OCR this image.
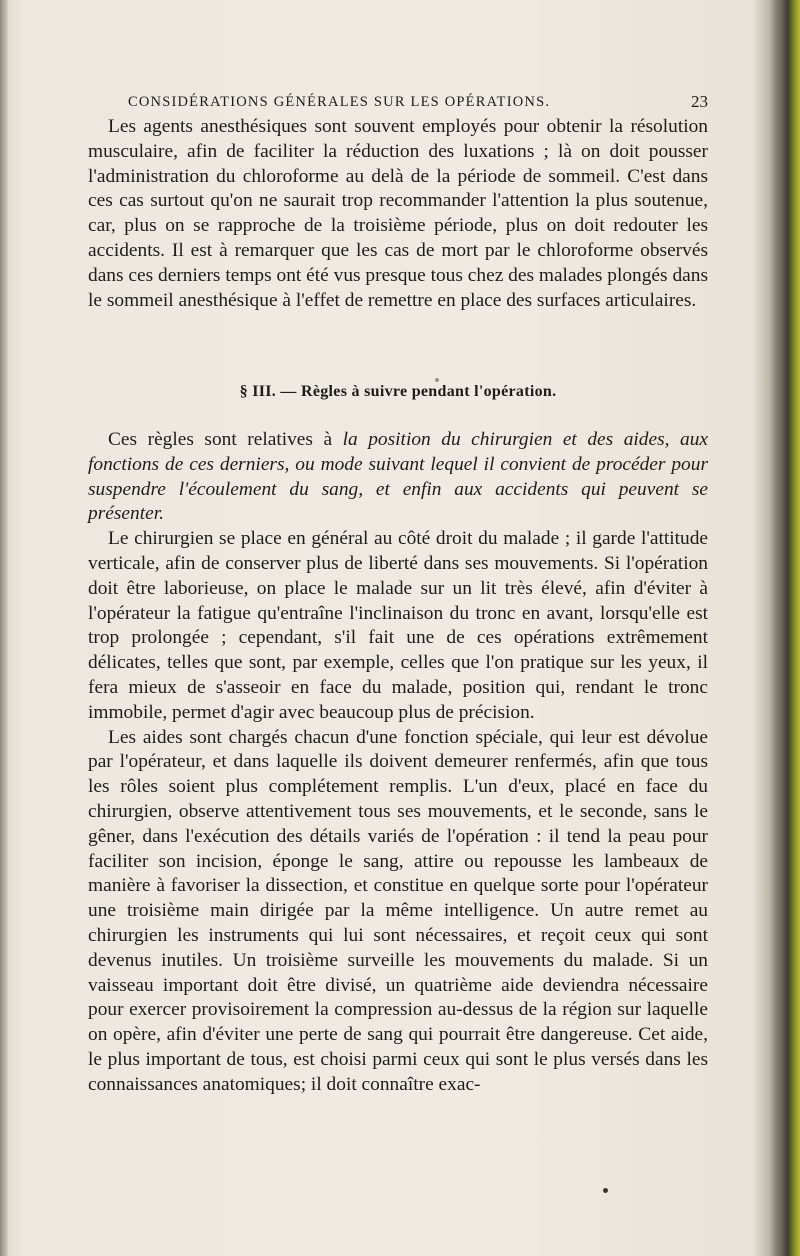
CONSIDÉRATIONS GÉNÉRALES SUR LES OPÉRATIONS.	23

Les agents anesthésiques sont souvent employés pour obtenir la résolution musculaire, afin de faciliter la réduction des luxations ; là on doit pousser l'administration du chloroforme au delà de la période de sommeil. C'est dans ces cas surtout qu'on ne saurait trop recommander l'attention la plus soutenue, car, plus on se rapproche de la troisième période, plus on doit redouter les accidents. Il est à remarquer que les cas de mort par le chloroforme observés dans ces derniers temps ont été vus presque tous chez des malades plongés dans le sommeil anesthésique à l'effet de remettre en place des surfaces articulaires.

§ III. — Règles à suivre pendant l'opération.

Ces règles sont relatives à la position du chirurgien et des aides, aux fonctions de ces derniers, ou mode suivant lequel il convient de procéder pour suspendre l'écoulement du sang, et enfin aux accidents qui peuvent se présenter.

Le chirurgien se place en général au côté droit du malade ; il garde l'attitude verticale, afin de conserver plus de liberté dans ses mouvements. Si l'opération doit être laborieuse, on place le malade sur un lit très élevé, afin d'éviter à l'opérateur la fatigue qu'entraîne l'inclinaison du tronc en avant, lorsqu'elle est trop prolongée ; cependant, s'il fait une de ces opérations extrêmement délicates, telles que sont, par exemple, celles que l'on pratique sur les yeux, il fera mieux de s'asseoir en face du malade, position qui, rendant le tronc immobile, permet d'agir avec beaucoup plus de précision.

Les aides sont chargés chacun d'une fonction spéciale, qui leur est dévolue par l'opérateur, et dans laquelle ils doivent demeurer renfermés, afin que tous les rôles soient plus complétement remplis. L'un d'eux, placé en face du chirurgien, observe attentivement tous ses mouvements, et le seconde, sans le gêner, dans l'exécution des détails variés de l'opération : il tend la peau pour faciliter son incision, éponge le sang, attire ou repousse les lambeaux de manière à favoriser la dissection, et constitue en quelque sorte pour l'opérateur une troisième main dirigée par la même intelligence. Un autre remet au chirurgien les instruments qui lui sont nécessaires, et reçoit ceux qui sont devenus inutiles. Un troisième surveille les mouvements du malade. Si un vaisseau important doit être divisé, un quatrième aide deviendra nécessaire pour exercer provisoirement la compression au-dessus de la région sur laquelle on opère, afin d'éviter une perte de sang qui pourrait être dangereuse. Cet aide, le plus important de tous, est choisi parmi ceux qui sont le plus versés dans les connaissances anatomiques; il doit connaître exac-
